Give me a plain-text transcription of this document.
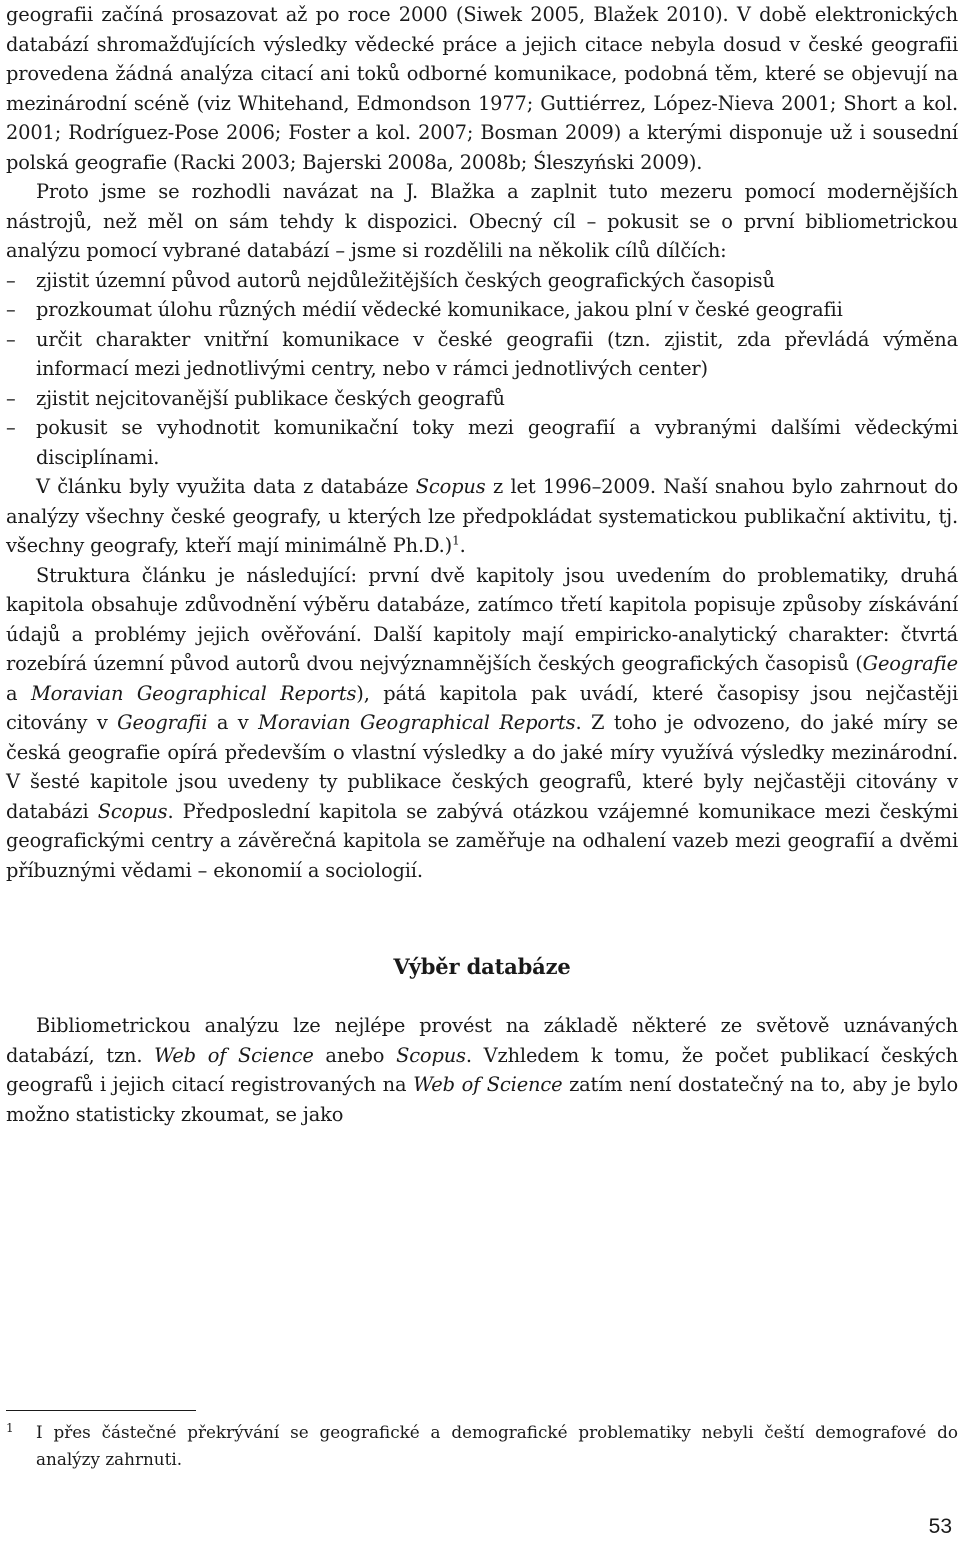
geografii začíná prosazovat až po roce 2000 (Siwek 2005, Blažek 2010). V době elektronických databází shromažďujících výsledky vědecké práce a jejich citace nebyla dosud v české geografii provedena žádná analýza citací ani toků odborné komunikace, podobná těm, které se objevují na mezinárodní scéně (viz Whitehand, Edmondson 1977; Guttiérrez, López-Nieva 2001; Short a kol. 2001; Rodríguez-Pose 2006; Foster a kol. 2007; Bosman 2009) a kterými disponuje už i sousední polská geografie (Racki 2003; Bajerski 2008a, 2008b; Śleszyński 2009).

Proto jsme se rozhodli navázat na J. Blažka a zaplnit tuto mezeru pomocí modernějších nástrojů, než měl on sám tehdy k dispozici. Obecný cíl – pokusit se o první bibliometrickou analýzu pomocí vybrané databází – jsme si rozdělili na několik cílů dílčích:

– zjistit územní původ autorů nejdůležitějších českých geografických časopisů
– prozkoumat úlohu různých médií vědecké komunikace, jakou plní v české geografii
– určit charakter vnitřní komunikace v české geografii (tzn. zjistit, zda převládá výměna informací mezi jednotlivými centry, nebo v rámci jednotlivých center)
– zjistit nejcitovanější publikace českých geografů
– pokusit se vyhodnotit komunikační toky mezi geografií a vybranými dalšími vědeckými disciplínami.

V článku byly využita data z databáze Scopus z let 1996–2009. Naší snahou bylo zahrnout do analýzy všechny české geografy, u kterých lze předpokládat systematickou publikační aktivitu, tj. všechny geografy, kteří mají minimálně Ph.D.)$^1$.

Struktura článku je následující: první dvě kapitoly jsou uvedením do problematiky, druhá kapitola obsahuje zdůvodnění výběru databáze, zatímco třetí kapitola popisuje způsoby získávání údajů a problémy jejich ověřování. Další kapitoly mají empiricko-analytický charakter: čtvrtá rozebírá územní původ autorů dvou nejvýznamnějších českých geografických časopisů (Geografie a Moravian Geographical Reports), pátá kapitola pak uvádí, které časopisy jsou nejčastěji citovány v Geografii a v Moravian Geographical Reports. Z toho je odvozeno, do jaké míry se česká geografie opírá především o vlastní výsledky a do jaké míry využívá výsledky mezinárodní. V šesté kapitole jsou uvedeny ty publikace českých geografů, které byly nejčastěji citovány v databázi Scopus. Předposlední kapitola se zabývá otázkou vzájemné komunikace mezi českými geografickými centry a závěrečná kapitola se zaměřuje na odhalení vazeb mezi geografií a dvěmi příbuznými vědami – ekonomií a sociologií.

Výběr databáze

Bibliometrickou analýzu lze nejlépe provést na základě některé ze světově uznávaných databází, tzn. Web of Science anebo Scopus. Vzhledem k tomu, že počet publikací českých geografů i jejich citací registrovaných na Web of Science zatím není dostatečný na to, aby je bylo možno statisticky zkoumat, se jako

1	I přes částečné překrývání se geografické a demografické problematiky nebyli čeští demografové do analýzy zahrnuti.
53
